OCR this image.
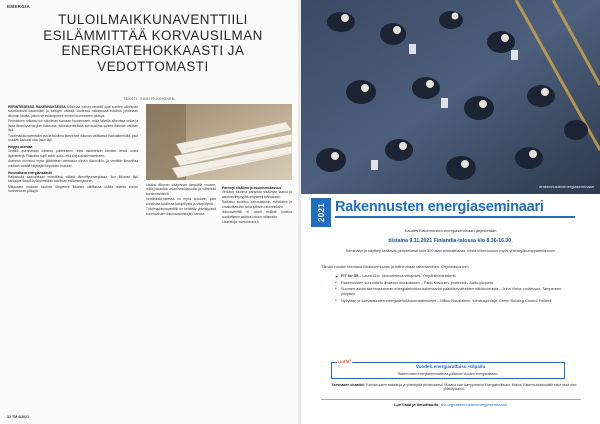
EMERGIA
TULOILMAIKKUNAVENTTIILI ESILÄMMITTÄÄ KORVAUSILMAN ENERGIATEHOKKAASTI JA VEDOTTOMASTI
TEKSTI: SAMI RUOHONEN

PERINTEISESSÄ RAKENNUKSESSA tuloilmaa tuovat venttiilit ovat suorien ulkoilman suuntautuvia ikkunoiden ja kattojen välissä. Uudessa ratkaisussa tuloilma johdetaan ikkunan kautta, jolloin se esilämpenee ennen huoneeseen pääsyä.

Perinteinen ratkaisu tuo ulkoilman suoraan huoneeseen, mikä talvella aiheuttaa vetoa ja lisää lämmitysenergian kulutusta. Ikkunaventtiilissä korvausilma kulkee ikkunan välitilan läpi.

Tuloilmaikkunaventtiilin avulla tuloilma lämpenee ikkunan välitilassa hukkalämmöllä, joka muuten karkaisi ulos lasin läpi.

Helppo asentaa

Venttiili asennetaan ikkunan puitteeseen, eikä rakenteisiin tarvitse tehdä uusia läpivientejä. Ratkaisu sopii sekä uudis- että korjausrakentamiseen.

Asennus onnistuu myös jälkikäteen olemassa oleviin ikkunoihin, ja venttiilin ilmavirtaa voidaan säätää käyttäjän tarpeiden mukaan.

Huomattava energiansäästö

Ratkaisulla saavutetaan merkittävä säästö lämmitysenergiassa, kun ikkunan läpi karkaava lämpö hyödynnetään tuloilman esilämmitykseen.

Mittausten mukaan tuloilma lämpenee ikkunan välitilassa useita asteita ennen huoneeseen pääsyä.

Lisäksi ikkunan sisäpinnan lämpötila nousee, mikä parantaa asumismukavuutta ja vähentää kondenssiriskiä.

Venttiilirakenteessa on myös suodatin, joka puhdistaa tuloilmaa katupölystä ja siitepölystä.

Tuloilmaikkunaventtiili on kehitetty yhteistyössä suomalaisten ikkunavalmistajien kanssa.

Parempi sisäilma ja asumismukavuus

Vedoton tuloilma parantaa sisäilman laatua ja asumisviihtyvyyttä erityisesti talviaikaan.

Ratkaisu soveltuu kerrostaloihin, rivitaloihin ja omakotitaloihin sekä julkisiin rakennuksiin.

Ikkunaventtiili ei vaadi erillistä huoltoa suodattimen vaihtoa lukuun ottamatta.

Lisätietoja: www.ikkuna.fi

32 TM 4/2021
#rakennustenenergiaseminaari
2021 Rakennusten energiaseminaari
Kaudes Rakennusten energiaseminaari järjestetään
tiistaina 9.11.2021 Finlandia-talossa klo 8.30-16.30.
Seminaari ja näyttely keräävät perinteisesti noin 500 alan ammattilaista, mistä kiitos kuuluu myös yhteistyökumppaneillemme.
Tämän vuoden teemana ilmastonmuutos ja hiilineutraali rakentaminen. Ohjelmassa mm.
➤ FIT for 55 – Laura Aho, neuvotteleva virkamies, Ympäristöministeriö
•	Rakennusten suunnittelu ilmaston muutokseen – Risto Kosonen, professori, Aalto-yliopisto
•	Suomen asuinrakennuskannan energiatehokkuusskenaariot päästötavoitteiden näkökulmasta – Juha Vinha, professori, Tampereen yliopisto
•	Nykytilan ja tulevaisuuden energiatehokkuusvaatimukset – Mikko Nousiainen, toimitusjohtaja, Green Building Council Finland
Uutta!
Vuoden energiarattaisu -kilpailu
Rakennusten energiaseminaarissa palkitaan Vuoden energiarattaisu.
Seminaarin sisaatiot: Tulevaisuuden ratkaisuja ja yhteistyötä ylivoimaisesti. Mukana ovat kumppaneina Energiateollisuus, Motiva, Rakennustietosäätiö sekä muut alan yhteistyötahot.
Lue lisää ja ilmoittaudu: rtsr.org/rakennustenenergiaseminaari
